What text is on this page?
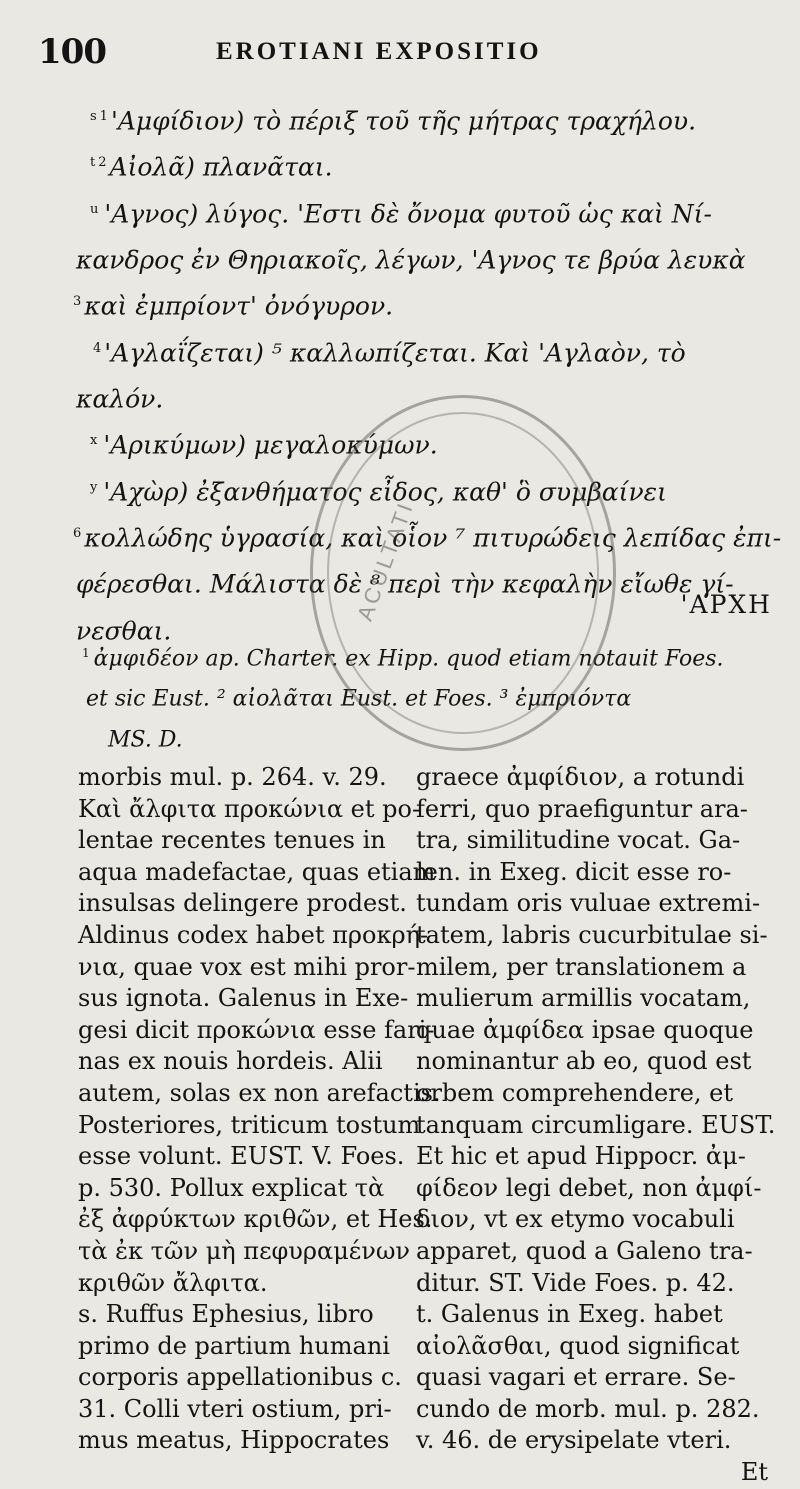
100	EROTIANI EXPOSITIO
$^s$ $^1$ 'Αμφίδιον) τὸ πέριξ τοῦ τῆς μήτρας τραχήλου.
$^t$ $^2$ Αἰολᾶ) πλανᾶται.
$^u$ 'Αγνος) λύγος. 'Εστι δὲ ὄνομα φυτοῦ ὡς καὶ Νί-
κανδρος ἐν Θηριακοῖς, λέγων, 'Αγνος τε βρύα λευκὰ
$^3$ καὶ ἐμπρίοντ' ὀνόγυρον.
$^4$ 'Αγλαΐζεται) ⁵ καλλωπίζεται. Καὶ 'Αγλαὸν, τὸ
καλόν.
$^x$ 'Αρικύμων) μεγαλοκύμων.
$^y$ 'Αχὼρ) ἐξανθήματος εἶδος, καθ' ὃ συμβαίνει
$^6$ κολλώδης ὑγρασία, καὶ οἷον ⁷ πιτυρώδεις λεπίδας ἐπι-
φέρεσθαι. Μάλιστα δὲ ⁸ περὶ τὴν κεφαλὴν εἴωθε γί-
νεσθαι.
'ΑΡΧΗ
$^1$ ἀμφιδέον ap. Charter. ex Hipp. quod etiam notauit Foes.
et sic Eust. ² αἰολᾶται Eust. et Foes. ³ ἐμπριόντα
MS. D.
ACULTATI
morbis mul. p. 264. v. 29.
Καὶ ἄλφιτα προκώνια et po-
lentae recentes tenues in
aqua madefactae, quas etiam
insulsas delingere prodest.
Aldinus codex habet προκρή-
νια, quae vox est mihi pror-
sus ignota. Galenus in Exe-
gesi dicit προκώνια esse fari-
nas ex nouis hordeis. Alii
autem, solas ex non arefactis.
Posteriores, triticum tostum
esse volunt. EUST. V. Foes.
p. 530. Pollux explicat τὰ
ἐξ ἀφρύκτων κριθῶν, et Hes.
τὰ ἐκ τῶν μὴ πεφυραμένων
κριθῶν ἄλφιτα.
s. Ruffus Ephesius, libro
primo de partium humani
corporis appellationibus c.
31. Colli vteri ostium, pri-
mus meatus, Hippocrates
graece ἀμφίδιον, a rotundi
ferri, quo praefiguntur ara-
tra, similitudine vocat. Ga-
len. in Exeg. dicit esse ro-
tundam oris vuluae extremi-
tatem, labris cucurbitulae si-
milem, per translationem a
mulierum armillis vocatam,
quae ἀμφίδεα ipsae quoque
nominantur ab eo, quod est
orbem comprehendere, et
tanquam circumligare. EUST.
Et hic et apud Hippocr. ἀμ-
φίδεον legi debet, non ἀμφί-
διον, vt ex etymo vocabuli
apparet, quod a Galeno tra-
ditur. ST. Vide Foes. p. 42.
t. Galenus in Exeg. habet
αἰολᾶσθαι, quod significat
quasi vagari et errare. Se-
cundo de morb. mul. p. 282.
v. 46. de erysipelate vteri.
Et
